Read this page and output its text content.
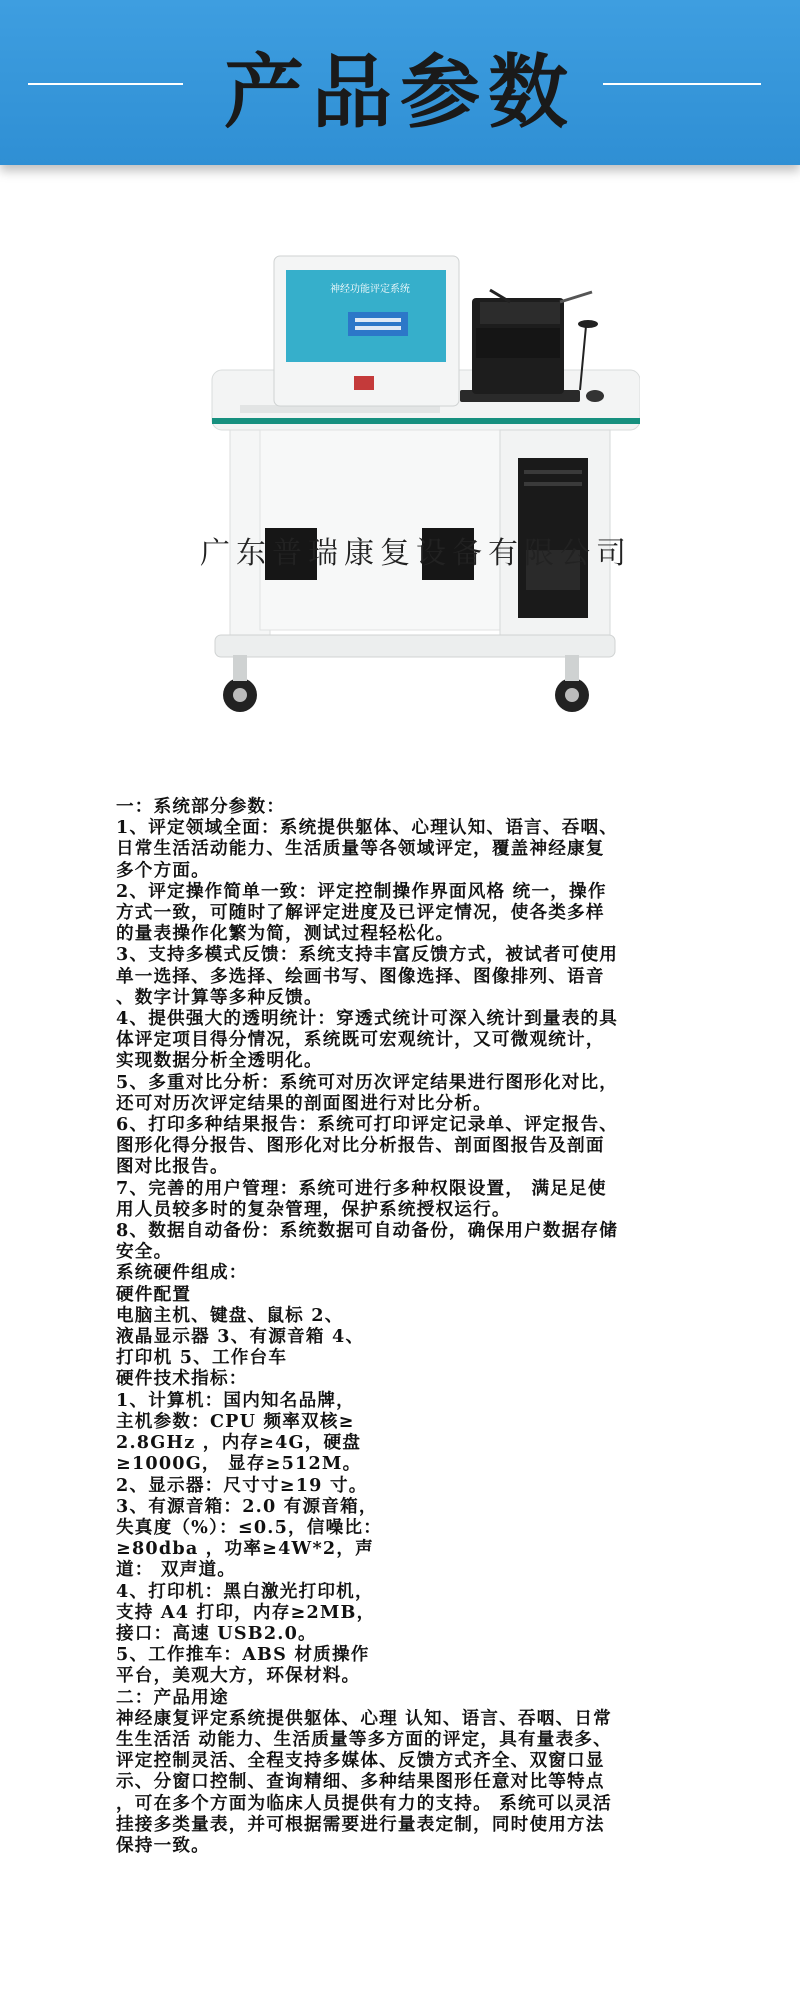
产品参数
神经功能评定系统
广东普瑞康复设备有限公司

一：系统部分参数：

1、评定领域全面：系统提供躯体、心理认知、语言、吞咽、

日常生活活动能力、生活质量等各领域评定，覆盖神经康复

多个方面。

2、评定操作简单一致：评定控制操作界面风格 统一，操作

方式一致，可随时了解评定进度及已评定情况，使各类多样

的量表操作化繁为简，测试过程轻松化。

3、支持多模式反馈：系统支持丰富反馈方式，被试者可使用

单一选择、多选择、绘画书写、图像选择、图像排列、语音

、数字计算等多种反馈。

4、提供强大的透明统计：穿透式统计可深入统计到量表的具

体评定项目得分情况，系统既可宏观统计，又可微观统计，

实现数据分析全透明化。

5、多重对比分析：系统可对历次评定结果进行图形化对比，

还可对历次评定结果的剖面图进行对比分析。

6、打印多种结果报告：系统可打印评定记录单、评定报告、

图形化得分报告、图形化对比分析报告、剖面图报告及剖面

图对比报告。

7、完善的用户管理：系统可进行多种权限设置， 满足足使

用人员较多时的复杂管理，保护系统授权运行。

8、数据自动备份：系统数据可自动备份，确保用户数据存储

安全。

系统硬件组成：

硬件配置

电脑主机、键盘、鼠标 2、

液晶显示器 3、有源音箱 4、

打印机 5、工作台车

硬件技术指标：

1、计算机：国内知名品牌，

主机参数：CPU 频率双核≥

2.8GHz ，内存≥4G，硬盘

≥1000G， 显存≥512M。

2、显示器：尺寸寸≥19 寸。

3、有源音箱：2.0 有源音箱，

失真度（%）：≤0.5，信噪比：

≥80dba ，功率≥4W*2，声

道： 双声道。

4、打印机：黑白激光打印机，

支持 A4 打印，内存≥2MB，

接口：高速 USB2.0。

5、工作推车：ABS 材质操作

平台，美观大方，环保材料。

二：产品用途

神经康复评定系统提供躯体、心理 认知、语言、吞咽、日常

生生活活 动能力、生活质量等多方面的评定，具有量表多、

评定控制灵活、全程支持多媒体、反馈方式齐全、双窗口显

示、分窗口控制、查询精细、多种结果图形任意对比等特点

，可在多个方面为临床人员提供有力的支持。 系统可以灵活

挂接多类量表，并可根据需要进行量表定制，同时使用方法

保持一致。
